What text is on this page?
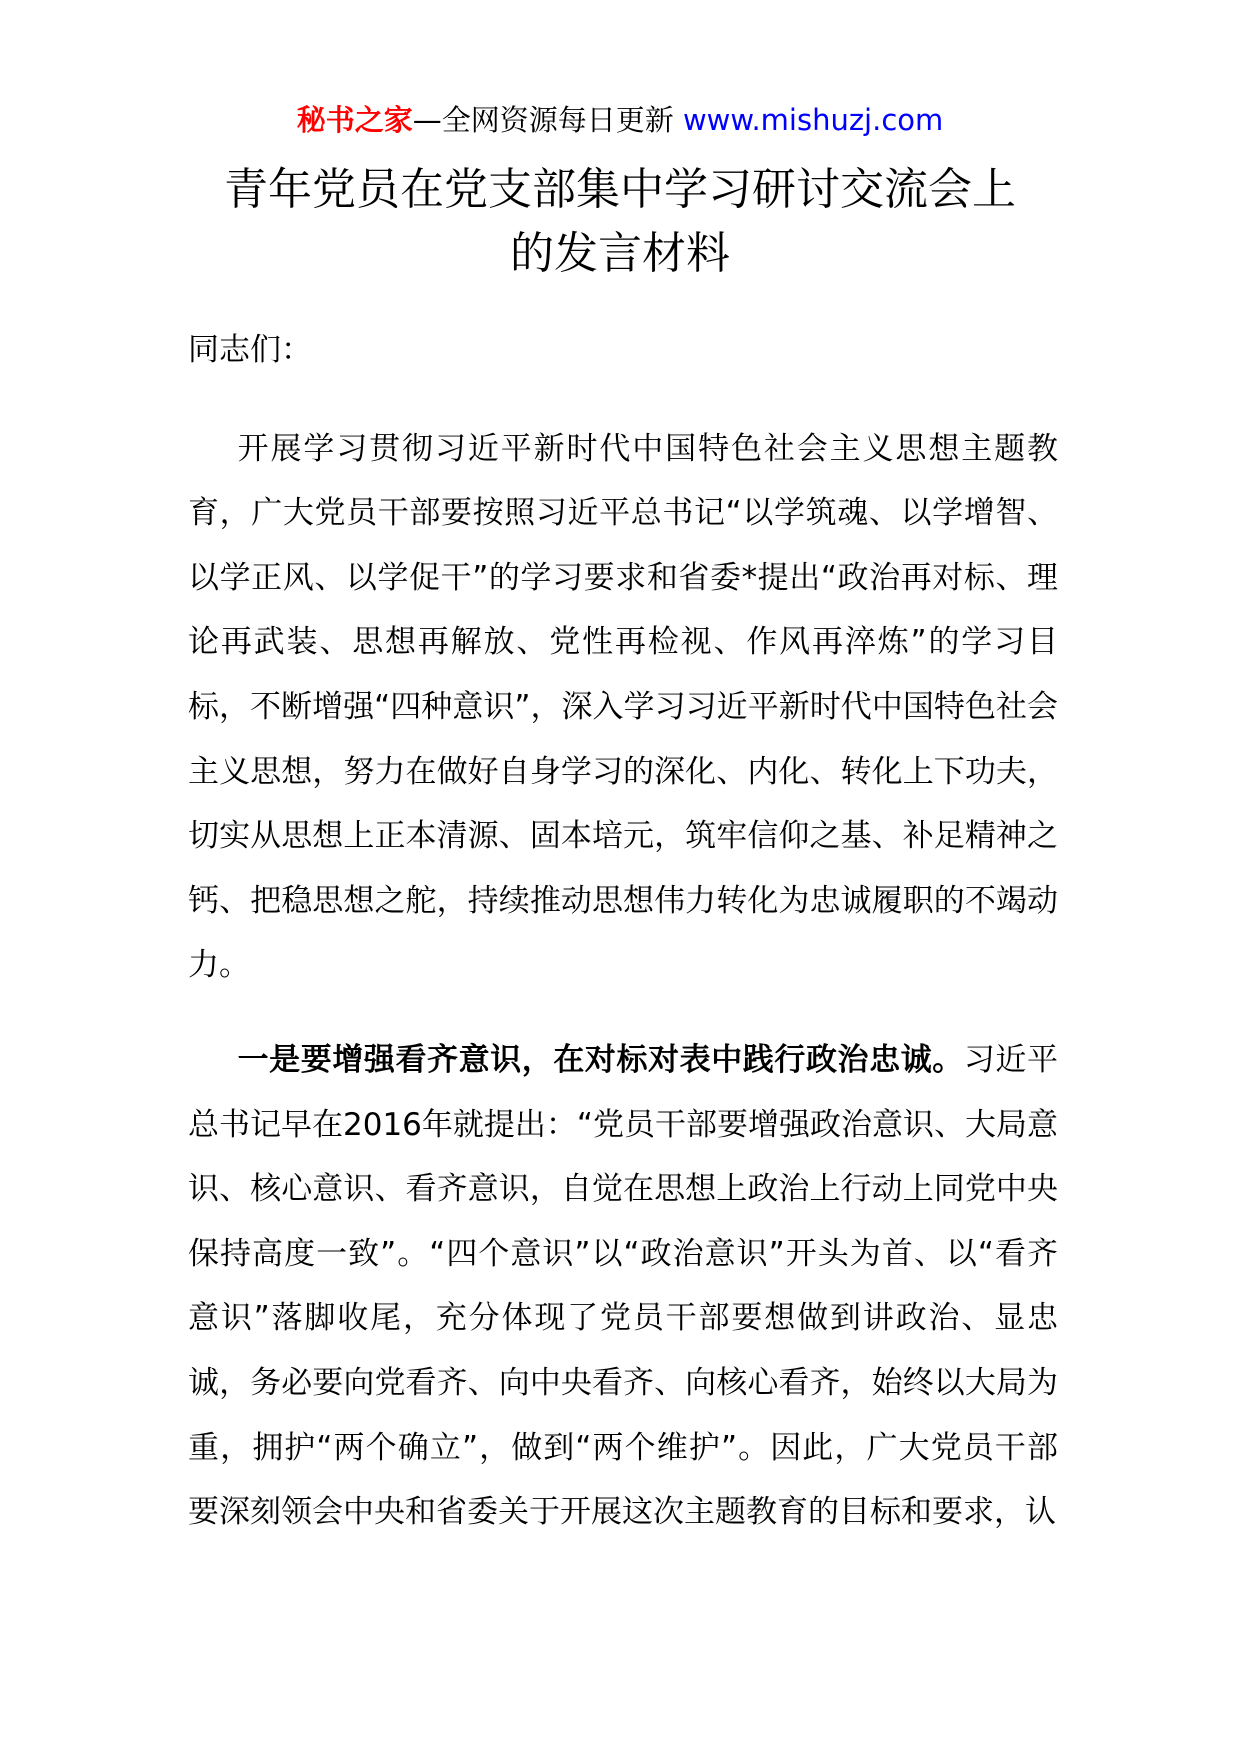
秘书之家—全网资源每日更新 www.mishuzj.com
青年党员在党支部集中学习研讨交流会上
的发言材料

同志们：

开展学习贯彻习近平新时代中国特色社会主义思想主题教育，广大党员干部要按照习近平总书记“以学筑魂、以学增智、以学正风、以学促干”的学习要求和省委*提出“政治再对标、理论再武装、思想再解放、党性再检视、作风再淬炼”的学习目标，不断增强“四种意识”，深入学习习近平新时代中国特色社会主义思想，努力在做好自身学习的深化、内化、转化上下功夫，切实从思想上正本清源、固本培元，筑牢信仰之基、补足精神之钙、把稳思想之舵，持续推动思想伟力转化为忠诚履职的不竭动力。

一是要增强看齐意识，在对标对表中践行政治忠诚。习近平总书记早在2016年就提出：“党员干部要增强政治意识、大局意识、核心意识、看齐意识，自觉在思想上政治上行动上同党中央保持高度一致”。“四个意识”以“政治意识”开头为首、以“看齐意识”落脚收尾，充分体现了党员干部要想做到讲政治、显忠诚，务必要向党看齐、向中央看齐、向核心看齐，始终以大局为重，拥护“两个确立”，做到“两个维护”。因此，广大党员干部要深刻领会中央和省委关于开展这次主题教育的目标和要求，认
